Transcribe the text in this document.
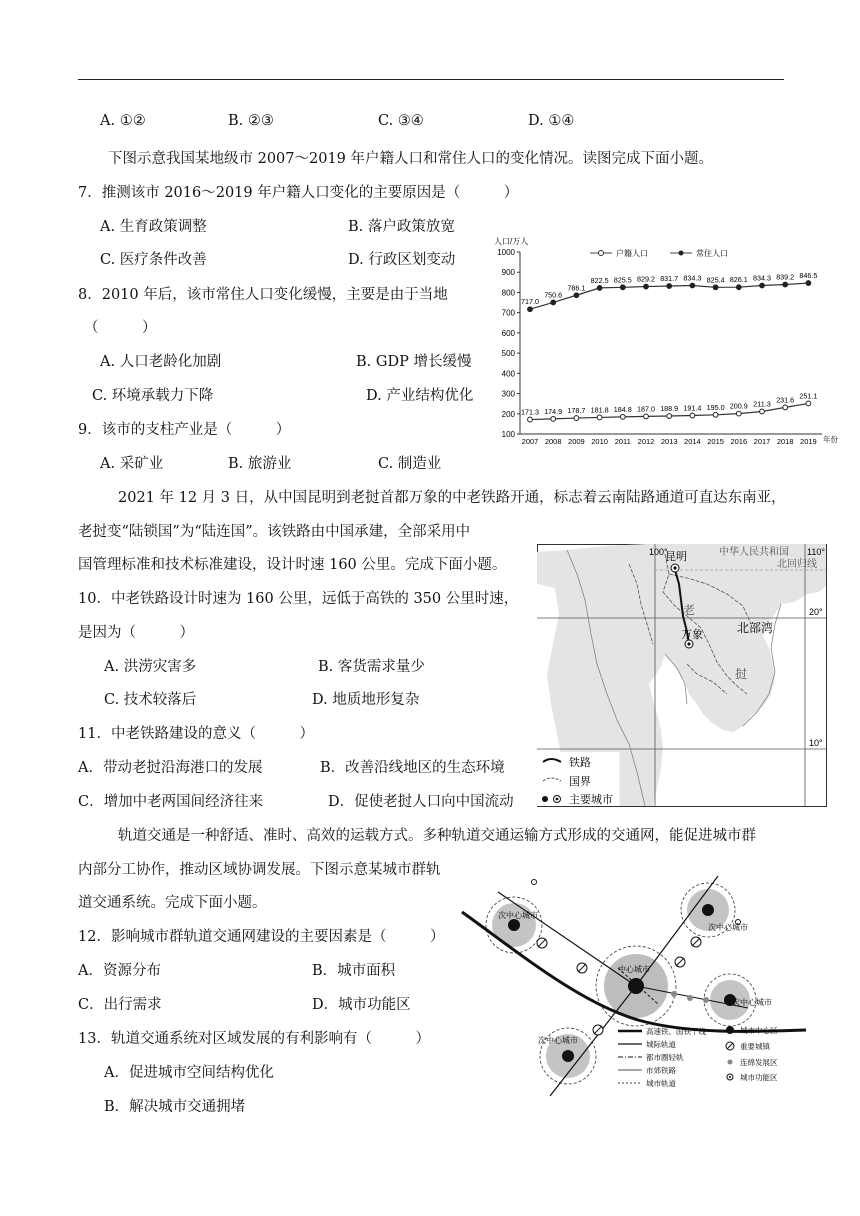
A. ①②	B. ②③	C. ③④	D. ①④
下图示意我国某地级市 2007～2019 年户籍人口和常住人口的变化情况。读图完成下面小题。
7．推测该市 2016～2019 年户籍人口变化的主要原因是（　　　）
A. 生育政策调整	B. 落户政策放宽
C. 医疗条件改善	D. 行政区划变动
8．2010 年后，该市常住人口变化缓慢，主要是由于当地
（　　　）
A. 人口老龄化加剧	B. GDP 增长缓慢
C. 环境承载力下降	D. 产业结构优化
9．该市的支柱产业是（　　　）
A. 采矿业	B. 旅游业	C. 制造业
人口/万人
户籍人口	常住人口
100
200
300
400
500
600
700
800
900
1000
2007 2008 2009 2010 2011 2012 2013 2014 2015 2016 2017 2018 2019
171.3 174.9 178.7 181.8 184.8 187.0 188.9 191.4 195.0 200.9 211.3 231.6 251.1
717.0
750.6
786.1
822.5 825.5 829.2 831.7 834.3 825.4 826.1 834.3 839.2 846.5
年份
2021 年 12 月 3 日，从中国昆明到老挝首都万象的中老铁路开通，标志着云南陆路通道可直达东南亚，
老挝变“陆锁国”为“陆连国”。该铁路由中国承建，全部采用中
国管理标准和技术标准建设，设计时速 160 公里。完成下面小题。
10．中老铁路设计时速为 160 公里，远低于高铁的 350 公里时速，
是因为（　　　）
A. 洪涝灾害多	B. 客货需求量少
C. 技术较落后	D. 地质地形复杂
11．中老铁路建设的意义（　　　）
A．带动老挝沿海港口的发展	B．改善沿线地区的生态环境
C．增加中老两国间经济往来	D．促使老挝人口向中国流动
100°	110°
20°
10°
昆明	中华人民共和国
北回归线
老
万象	北部湾
挝
铁路
国界
主要城市
轨道交通是一种舒适、准时、高效的运载方式。多种轨道交通运输方式形成的交通网，能促进城市群
内部分工协作，推动区域协调发展。下图示意某城市群轨
道交通系统。完成下面小题。
12．影响城市群轨道交通网建设的主要因素是（　　　）
A．资源分布	B．城市面积
C．出行需求	D．城市功能区
13．轨道交通系统对区域发展的有利影响有（　　　）
A．促进城市空间结构优化
B．解决城市交通拥堵
次中心城市
次中心城市
中心城市
次中心城市
次中心城市
高速铁、国铁干线
城际轨道
都市圈轻轨
市郊铁路
城市轨道
城市中心区
重要城镇
连绵发展区
城市功能区
